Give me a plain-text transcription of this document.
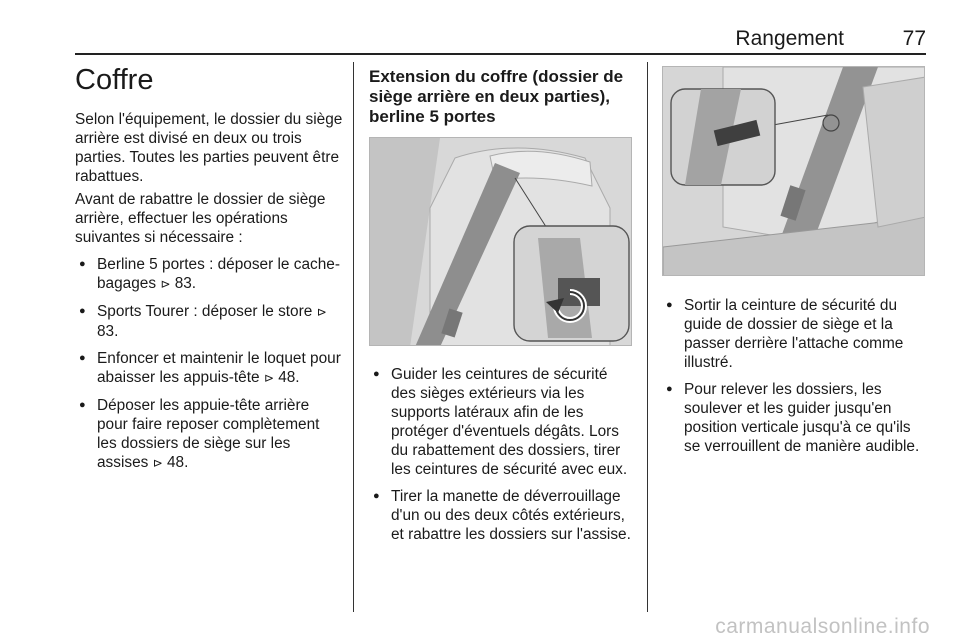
Rangement	77
Coffre

Selon l'équipement, le dossier du siège arrière est divisé en deux ou trois parties. Toutes les parties peuvent être rabattues.

Avant de rabattre le dossier de siège arrière, effectuer les opérations suivantes si nécessaire :

● Berline 5 portes : déposer le cache-bagages ⊳ 83.
● Sports Tourer : déposer le store ⊳ 83.
● Enfoncer et maintenir le loquet pour abaisser les appuis-tête ⊳ 48.
● Déposer les appuie-tête arrière pour faire reposer complètement les dossiers de siège sur les assises ⊳ 48.
Extension du coffre (dossier de siège arrière en deux parties), berline 5 portes
● Guider les ceintures de sécurité des sièges extérieurs via les supports latéraux afin de les protéger d'éventuels dégâts. Lors du rabattement des dossiers, tirer les ceintures de sécurité avec eux.
● Tirer la manette de déverrouillage d'un ou des deux côtés extérieurs, et rabattre les dossiers sur l'assise.
● Sortir la ceinture de sécurité du guide de dossier de siège et la passer derrière l'attache comme illustré.
● Pour relever les dossiers, les soulever et les guider jusqu'en position verticale jusqu'à ce qu'ils se verrouillent de manière audible.
carmanualsonline.info
